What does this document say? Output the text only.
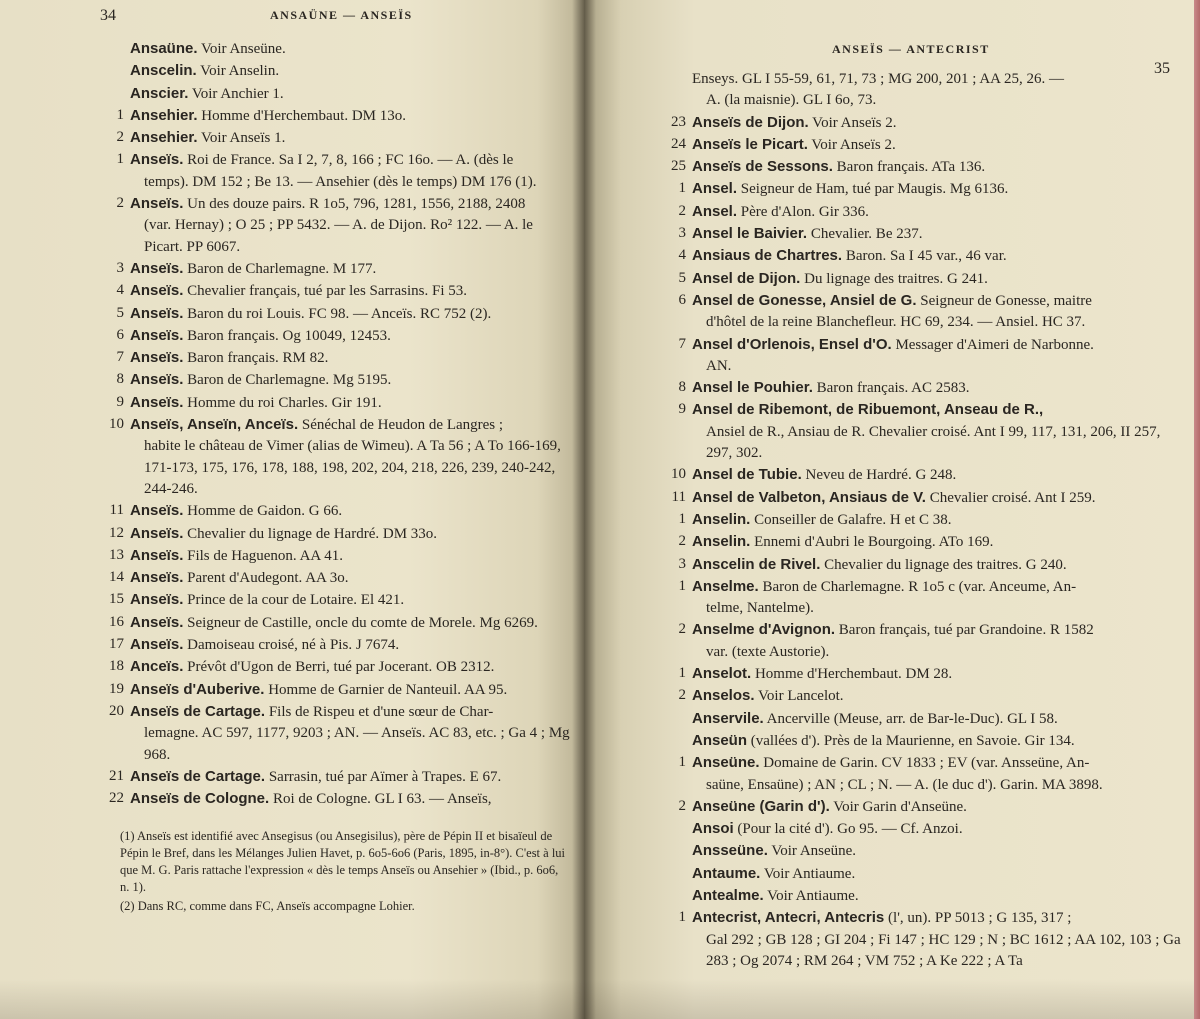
34	ANSAÜNE — ANSEÏS

Ansaüne. Voir Anseüne.

Anscelin. Voir Anselin.

Anscier. Voir Anchier 1.

1 Ansehier. Homme d'Herchembaut. DM 13o.

2 Ansehier. Voir Anseïs 1.

1 Anseïs. Roi de France. Sa I 2, 7, 8, 166 ; FC 16o. — A. (dès le
temps). DM 152 ; Be 13. — Ansehier (dès le temps) DM 176 (1).

2 Anseïs. Un des douze pairs. R 1o5, 796, 1281, 1556, 2188, 2408
(var. Hernay) ; O 25 ; PP 5432. — A. de Dijon. Ro² 122. — A. le Picart. PP 6067.

3 Anseïs. Baron de Charlemagne. M 177.

4 Anseïs. Chevalier français, tué par les Sarrasins. Fi 53.

5 Anseïs. Baron du roi Louis. FC 98. — Anceïs. RC 752 (2).

6 Anseïs. Baron français. Og 10049, 12453.

7 Anseïs. Baron français. RM 82.

8 Anseïs. Baron de Charlemagne. Mg 5195.

9 Anseïs. Homme du roi Charles. Gir 191.

10 Anseïs, Anseïn, Anceïs. Sénéchal de Heudon de Langres ;
habite le château de Vimer (alias de Wimeu). A Ta 56 ; A To 166-169, 171-173, 175, 176, 178, 188, 198, 202, 204, 218, 226, 239, 240-242, 244-246.

11 Anseïs. Homme de Gaidon. G 66.

12 Anseïs. Chevalier du lignage de Hardré. DM 33o.

13 Anseïs. Fils de Haguenon. AA 41.

14 Anseïs. Parent d'Audegont. AA 3o.

15 Anseïs. Prince de la cour de Lotaire. El 421.

16 Anseïs. Seigneur de Castille, oncle du comte de Morele. Mg 6269.

17 Anseïs. Damoiseau croisé, né à Pis. J 7674.

18 Anceïs. Prévôt d'Ugon de Berri, tué par Jocerant. OB 2312.

19 Anseïs d'Auberive. Homme de Garnier de Nanteuil. AA 95.

20 Anseïs de Cartage. Fils de Rispeu et d'une sœur de Char-
lemagne. AC 597, 1177, 9203 ; AN. — Anseïs. AC 83, etc. ; Ga 4 ; Mg 968.

21 Anseïs de Cartage. Sarrasin, tué par Aïmer à Trapes. E 67.

22 Anseïs de Cologne. Roi de Cologne. GL I 63. — Anseïs,

(1) Anseïs est identifié avec Ansegisus (ou Ansegisilus), père de Pépin II et bisaïeul de Pépin le Bref, dans les Mélanges Julien Havet, p. 6o5-6o6 (Paris, 1895, in-8°). C'est à lui que M. G. Paris rattache l'expression « dès le temps Anseïs ou Ansehier » (Ibid., p. 6o6, n. 1).

(2) Dans RC, comme dans FC, Anseïs accompagne Lohier.

ANSEÏS — ANTECRIST
35

Enseys. GL I 55-59, 61, 71, 73 ; MG 200, 201 ; AA 25, 26. —
A. (la maisnie). GL I 6o, 73.

23 Anseïs de Dijon. Voir Anseïs 2.

24 Anseïs le Picart. Voir Anseïs 2.

25 Anseïs de Sessons. Baron français. ATa 136.

1 Ansel. Seigneur de Ham, tué par Maugis. Mg 6136.

2 Ansel. Père d'Alon. Gir 336.

3 Ansel le Baivier. Chevalier. Be 237.

4 Ansiaus de Chartres. Baron. Sa I 45 var., 46 var.

5 Ansel de Dijon. Du lignage des traitres. G 241.

6 Ansel de Gonesse, Ansiel de G. Seigneur de Gonesse, maitre
d'hôtel de la reine Blanchefleur. HC 69, 234. — Ansiel. HC 37.

7 Ansel d'Orlenois, Ensel d'O. Messager d'Aimeri de Narbonne.
AN.

8 Ansel le Pouhier. Baron français. AC 2583.

9 Ansel de Ribemont, de Ribuemont, Anseau de R.,
Ansiel de R., Ansiau de R. Chevalier croisé. Ant I 99, 117, 131, 206, II 257, 297, 302.

10 Ansel de Tubie. Neveu de Hardré. G 248.

11 Ansel de Valbeton, Ansiaus de V. Chevalier croisé. Ant I 259.

1 Anselin. Conseiller de Galafre. H et C 38.

2 Anselin. Ennemi d'Aubri le Bourgoing. ATo 169.

3 Anscelin de Rivel. Chevalier du lignage des traitres. G 240.

1 Anselme. Baron de Charlemagne. R 1o5 c (var. Anceume, An-
telme, Nantelme).

2 Anselme d'Avignon. Baron français, tué par Grandoine. R 1582
var. (texte Austorie).

1 Anselot. Homme d'Herchembaut. DM 28.

2 Anselos. Voir Lancelot.

Anservile. Ancerville (Meuse, arr. de Bar-le-Duc). GL I 58.

Anseün (vallées d'). Près de la Maurienne, en Savoie. Gir 134.

1 Anseüne. Domaine de Garin. CV 1833 ; EV (var. Ansseüne, An-
saüne, Ensaüne) ; AN ; CL ; N. — A. (le duc d'). Garin. MA 3898.

2 Anseüne (Garin d'). Voir Garin d'Anseüne.

Ansoi (Pour la cité d'). Go 95. — Cf. Anzoi.

Ansseüne. Voir Anseüne.

Antaume. Voir Antiaume.

Antealme. Voir Antiaume.

1 Antecrist, Antecri, Antecris (l', un). PP 5013 ; G 135, 317 ;
Gal 292 ; GB 128 ; GI 204 ; Fi 147 ; HC 129 ; N ; BC 1612 ; AA 102, 103 ; Ga 283 ; Og 2074 ; RM 264 ; VM 752 ; A Ke 222 ; A Ta
